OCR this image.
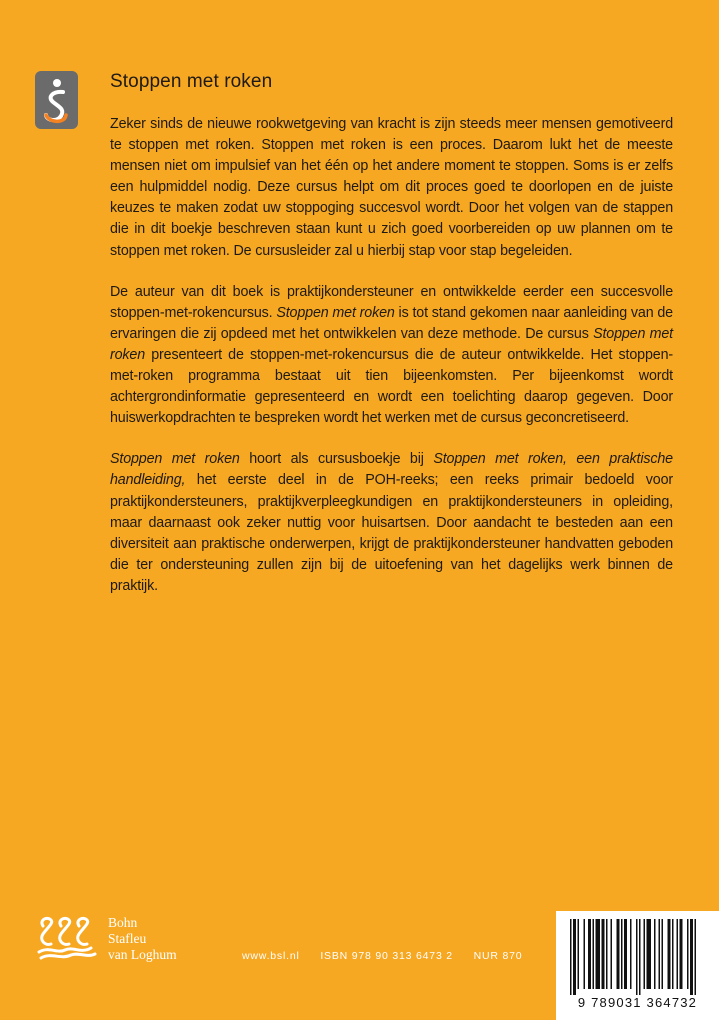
Stoppen met roken

Zeker sinds de nieuwe rookwetgeving van kracht is zijn steeds meer mensen gemotiveerd te stoppen met roken. Stoppen met roken is een proces. Daarom lukt het de meeste mensen niet om impulsief van het één op het andere moment te stoppen. Soms is er zelfs een hulpmiddel nodig. Deze cursus helpt om dit proces goed te doorlopen en de juiste keuzes te maken zodat uw stoppoging succesvol wordt. Door het volgen van de stappen die in dit boekje beschreven staan kunt u zich goed voorbereiden op uw plannen om te stoppen met roken. De cursusleider zal u hierbij stap voor stap begeleiden.

De auteur van dit boek is praktijkondersteuner en ontwikkelde eerder een succesvolle stoppen-met-rokencursus. Stoppen met roken is tot stand gekomen naar aanleiding van de ervaringen die zij opdeed met het ontwikkelen van deze methode. De cursus Stoppen met roken presenteert de stoppen-met-rokencursus die de auteur ontwikkelde. Het stoppen-met-roken programma bestaat uit tien bijeenkomsten. Per bijeenkomst wordt achtergrondinformatie gepresenteerd en wordt een toelichting daarop gegeven. Door huiswerkopdrachten te bespreken wordt het werken met de cursus geconcretiseerd.

Stoppen met roken hoort als cursusboekje bij Stoppen met roken, een praktische handleiding, het eerste deel in de POH-reeks; een reeks primair bedoeld voor praktijkondersteuners, praktijkverpleegkundigen en praktijkondersteuners in opleiding, maar daarnaast ook zeker nuttig voor huisartsen. Door aandacht te besteden aan een diversiteit aan praktische onderwerpen, krijgt de praktijkondersteuner handvatten geboden die ter ondersteuning zullen zijn bij de uitoefening van het dagelijks werk binnen de praktijk.

Bohn
Stafleu
van Loghum	www.bsl.nl ISBN 978 90 313 6473 2 NUR 870
9 789031 364732
